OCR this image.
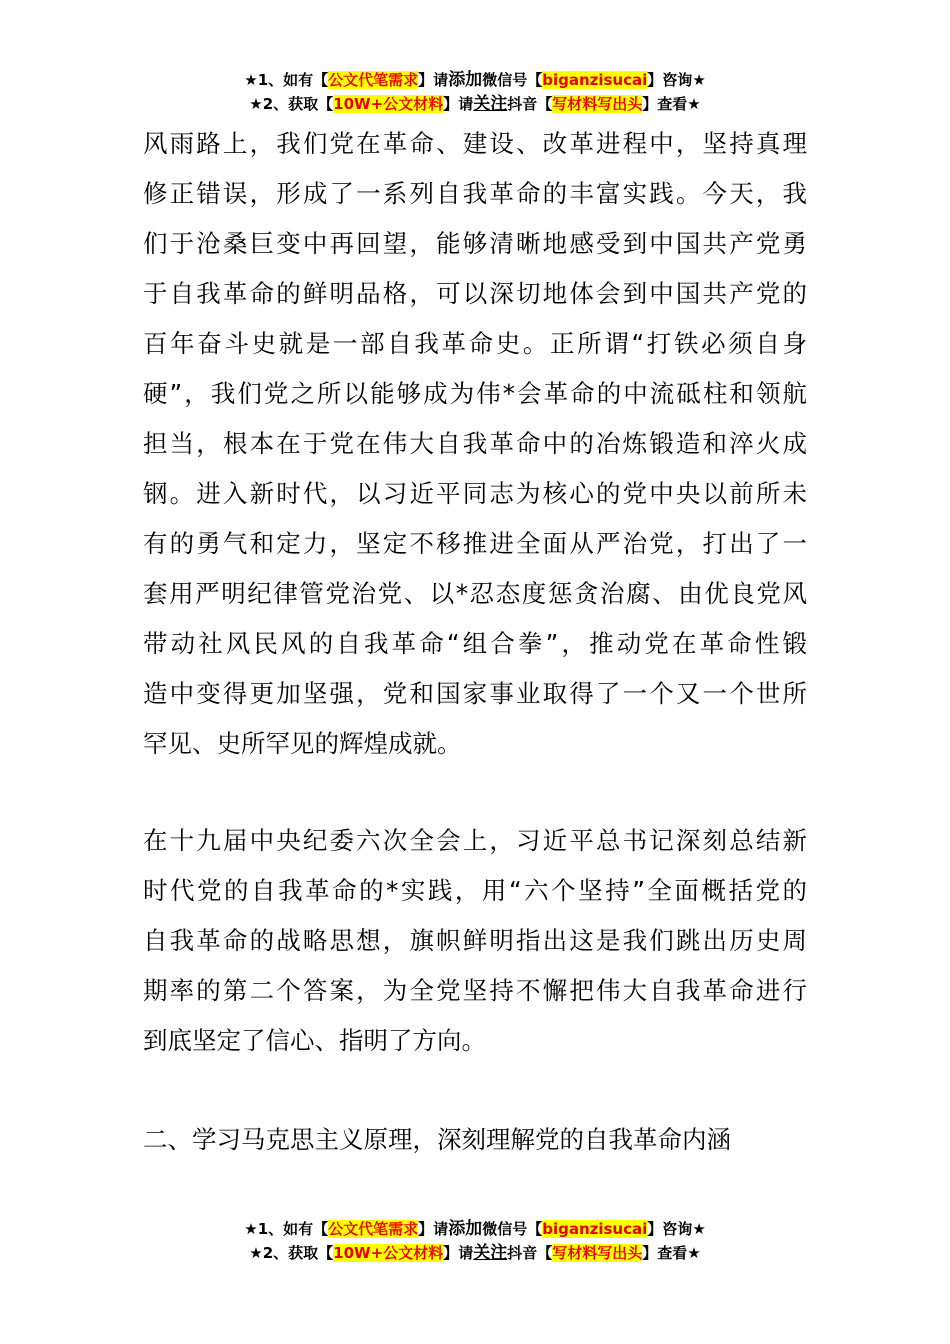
★1、如有【公文代笔需求】请添加微信号【biganzisucai】咨询★
★2、获取【10W+公文材料】请关注抖音【写材料写出头】查看★
风雨路上，我们党在革命、建设、改革进程中，坚持真理
修正错误，形成了一系列自我革命的丰富实践。今天，我
们于沧桑巨变中再回望，能够清晰地感受到中国共产党勇
于自我革命的鲜明品格，可以深切地体会到中国共产党的
百年奋斗史就是一部自我革命史。正所谓“打铁必须自身
硬”，我们党之所以能够成为伟*会革命的中流砥柱和领航
担当，根本在于党在伟大自我革命中的冶炼锻造和淬火成
钢。进入新时代，以习近平同志为核心的党中央以前所未
有的勇气和定力，坚定不移推进全面从严治党，打出了一
套用严明纪律管党治党、以*忍态度惩贪治腐、由优良党风
带动社风民风的自我革命“组合拳”，推动党在革命性锻
造中变得更加坚强，党和国家事业取得了一个又一个世所
罕见、史所罕见的辉煌成就。
在十九届中央纪委六次全会上，习近平总书记深刻总结新
时代党的自我革命的*实践，用“六个坚持”全面概括党的
自我革命的战略思想，旗帜鲜明指出这是我们跳出历史周
期率的第二个答案，为全党坚持不懈把伟大自我革命进行
到底坚定了信心、指明了方向。
二、学习马克思主义原理，深刻理解党的自我革命内涵
★1、如有【公文代笔需求】请添加微信号【biganzisucai】咨询★
★2、获取【10W+公文材料】请关注抖音【写材料写出头】查看★
